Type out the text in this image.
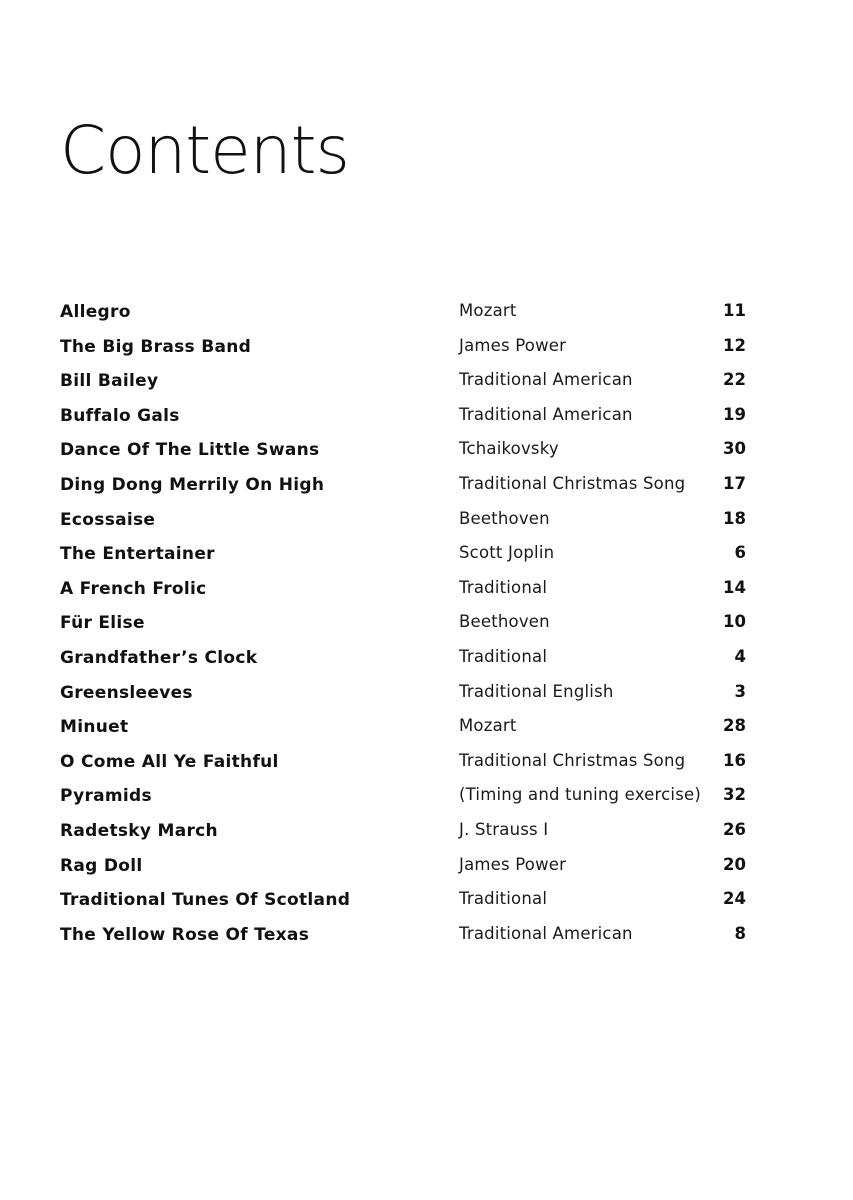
Contents
Allegro	Mozart	11
The Big Brass Band	James Power	12
Bill Bailey	Traditional American	22
Buffalo Gals	Traditional American	19
Dance Of The Little Swans	Tchaikovsky	30
Ding Dong Merrily On High	Traditional Christmas Song 17
Ecossaise	Beethoven	18
The Entertainer	Scott Joplin	6
A French Frolic	Traditional	14
Für Elise	Beethoven	10
Grandfather’s Clock	Traditional	4
Greensleeves	Traditional English	3
Minuet	Mozart	28
O Come All Ye Faithful	Traditional Christmas Song 16
Pyramids	(Timing and tuning exercise) 32
Radetsky March	J. Strauss I	26
Rag Doll	James Power	20
Traditional Tunes Of Scotland	Traditional	24
The Yellow Rose Of Texas	Traditional American	8
